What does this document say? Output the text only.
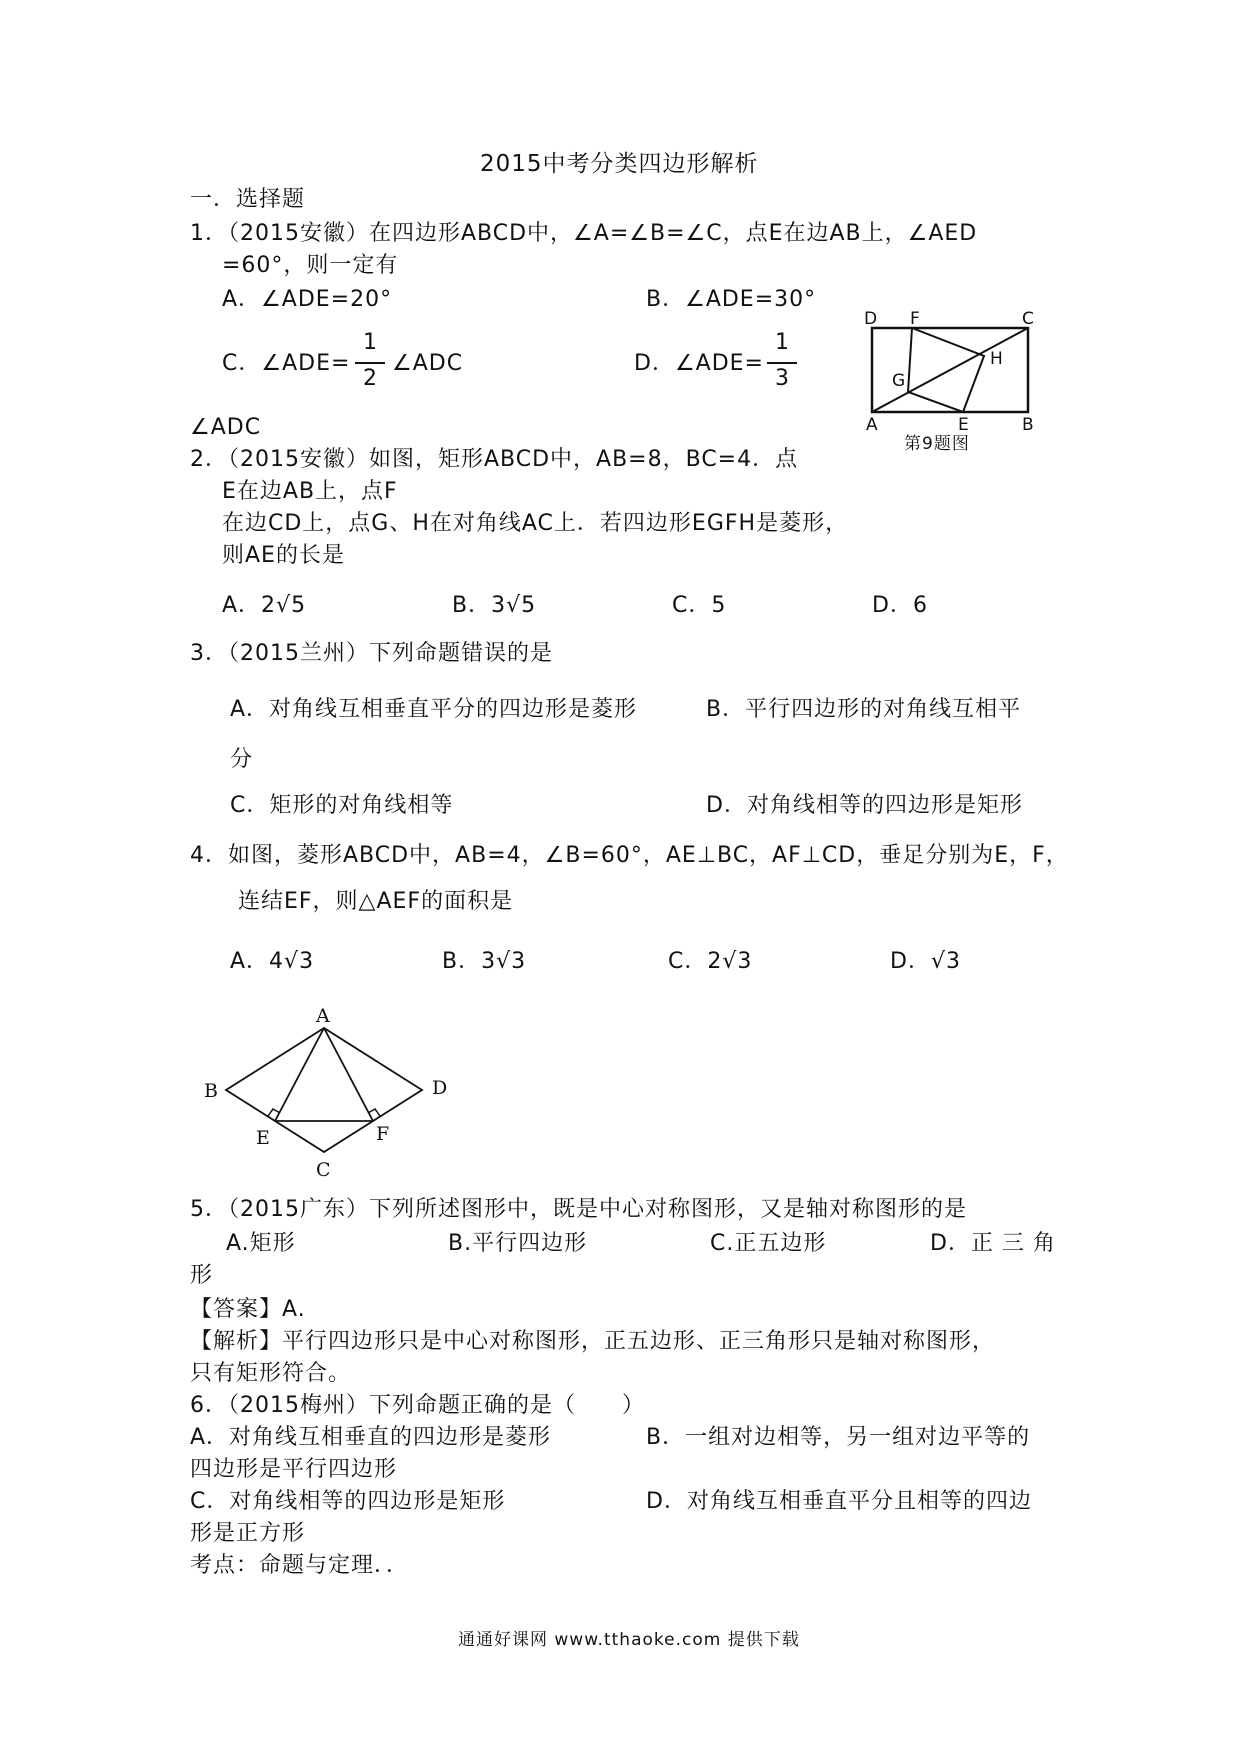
2015中考分类四边形解析
一．选择题
1．（2015安徽）在四边形ABCD中，∠A=∠B=∠C，点E在边AB上，∠AED
=60°，则一定有
A．∠ADE=20°	B．∠ADE=30°
C．∠ADE=
1
2
∠ADC	D．∠ADE=
1
3
∠ADC
D F	C
H
G
A	E	B
第9题图
2．（2015安徽）如图，矩形ABCD中，AB=8，BC=4．点
E在边AB上，点F
在边CD上，点G、H在对角线AC上．若四边形EGFH是菱形，
则AE的长是
A．2√5	B．3√5	C．5	D．6
3．（2015兰州）下列命题错误的是
A．对角线互相垂直平分的四边形是菱形	B．平行四边形的对角线互相平
分
C．矩形的对角线相等	D．对角线相等的四边形是矩形
4．如图，菱形ABCD中，AB=4，∠B=60°，AE⊥BC，AF⊥CD，垂足分别为E，F，
连结EF，则△AEF的面积是
A．4√3	B．3√3	C．2√3	D．√3
A
B	D
E	F
C
5．（2015广东）下列所述图形中，既是中心对称图形，又是轴对称图形的是
A.矩形	B.平行四边形	C.正五边形	D．正 三 角
形
【答案】A.
【解析】平行四边形只是中心对称图形，正五边形、正三角形只是轴对称图形，
只有矩形符合。
6．（2015梅州）下列命题正确的是（　　）
A．对角线互相垂直的四边形是菱形	B．一组对边相等，另一组对边平等的
四边形是平行四边形
C．对角线相等的四边形是矩形	D．对角线互相垂直平分且相等的四边
形是正方形
考点：命题与定理．．
通通好课网 www.tthaoke.com 提供下载
